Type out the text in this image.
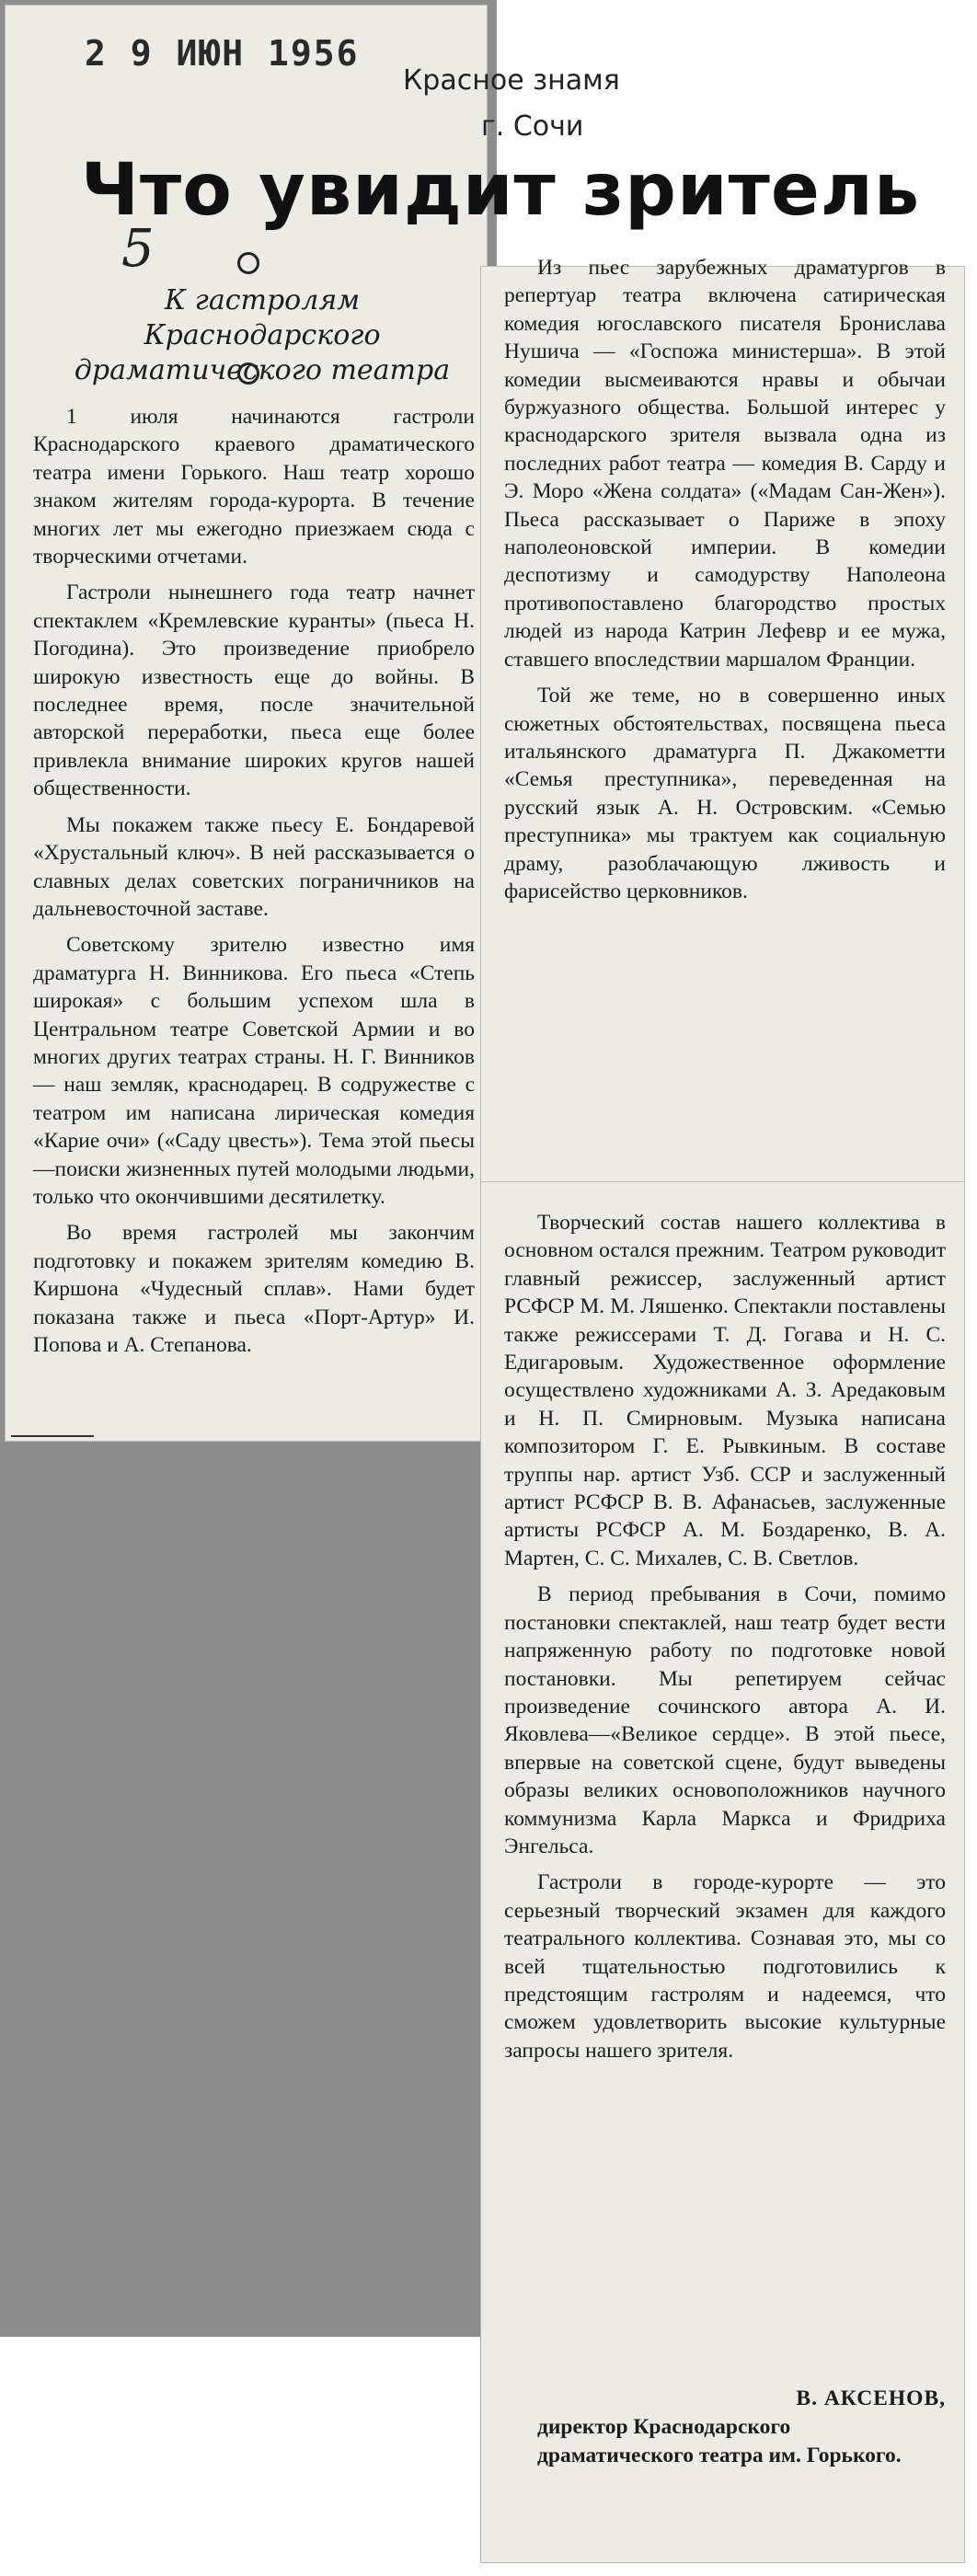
2 9 ИЮН 1956
Красное знамя
г. Сочи
Что увидит зритель
5
К гастролям Краснодарского драматического театра

1 июля начинаются гастроли Краснодарского краевого драматического театра имени Горького. Наш театр хорошо знаком жителям города-курорта. В течение многих лет мы ежегодно приезжаем сюда с творческими отчетами.

Гастроли нынешнего года театр начнет спектаклем «Кремлевские куранты» (пьеса Н. Погодина). Это произведение приобрело широкую известность еще до войны. В последнее время, после значительной авторской переработки, пьеса еще более привлекла внимание широких кругов нашей общественности.

Мы покажем также пьесу Е. Бондаревой «Хрустальный ключ». В ней рассказывается о славных делах советских пограничников на дальневосточной заставе.

Советскому зрителю известно имя драматурга Н. Винникова. Его пьеса «Степь широкая» с большим успехом шла в Центральном театре Советской Армии и во многих других театрах страны. Н. Г. Винников — наш земляк, краснодарец. В содружестве с театром им написана лирическая комедия «Карие очи» («Саду цвесть»). Тема этой пьесы—поиски жизненных путей молодыми людьми, только что окончившими десятилетку.

Во время гастролей мы закончим подготовку и покажем зрителям комедию В. Киршона «Чудесный сплав». Нами будет показана также и пьеса «Порт-Артур» И. Попова и А. Степанова.

Из пьес зарубежных драматургов в репертуар театра включена сатирическая комедия югославского писателя Бронислава Нушича — «Госпожа министерша». В этой комедии высмеиваются нравы и обычаи буржуазного общества. Большой интерес у краснодарского зрителя вызвала одна из последних работ театра — комедия В. Сарду и Э. Моро «Жена солдата» («Мадам Сан-Жен»). Пьеса рассказывает о Париже в эпоху наполеоновской империи. В комедии деспотизму и самодурству Наполеона противопоставлено благородство простых людей из народа Катрин Лефевр и ее мужа, ставшего впоследствии маршалом Франции.

Той же теме, но в совершенно иных сюжетных обстоятельствах, посвящена пьеса итальянского драматурга П. Джакометти «Семья преступника», переведенная на русский язык А. Н. Островским. «Семью преступника» мы трактуем как социальную драму, разоблачающую лживость и фарисейство церковников.

Творческий состав нашего коллектива в основном остался прежним. Театром руководит главный режиссер, заслуженный артист РСФСР М. М. Ляшенко. Спектакли поставлены также режиссерами Т. Д. Гогава и Н. С. Едигаровым. Художественное оформление осуществлено художниками А. З. Аредаковым и Н. П. Смирновым. Музыка написана композитором Г. Е. Рывкиным. В составе труппы нар. артист Узб. ССР и заслуженный артист РСФСР В. В. Афанасьев, заслуженные артисты РСФСР А. М. Боздаренко, В. А. Мартен, С. С. Михалев, С. В. Светлов.

В период пребывания в Сочи, помимо постановки спектаклей, наш театр будет вести напряженную работу по подготовке новой постановки. Мы репетируем сейчас произведение сочинского автора А. И. Яковлева—«Великое сердце». В этой пьесе, впервые на советской сцене, будут выведены образы великих основоположников научного коммунизма Карла Маркса и Фридриха Энгельса.

Гастроли в городе-курорте — это серьезный творческий экзамен для каждого театрального коллектива. Сознавая это, мы со всей тщательностью подготовились к предстоящим гастролям и надеемся, что сможем удовлетворить высокие культурные запросы нашего зрителя.

В. АКСЕНОВ,
директор Краснодарского драматического театра им. Горького.
